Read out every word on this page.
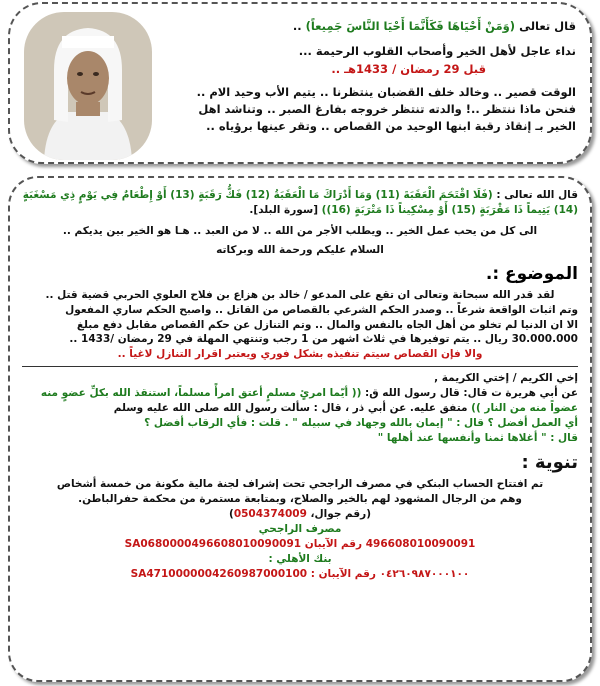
قال تعالى (وَمَنْ أَحْيَاهَا فَكَأَنَّمَا أَحْيَا النَّاسَ جَمِيعاً) ..

نداء عاجل لأهل الخير وأصحاب القلوب الرحيمة ...

قبل 29 رمضان / 1433هـ ..

الوقت قصير .. وخالد خلف القضبان ينتظرنا .. يتيم الأب وحيد الام ..

فنحن ماذا ننتظر ..! والدته تنتظر خروجه بفارغ الصبر .. وتناشد اهل

الخير بـ إنقاذ رقبة ابنها الوحيد من القصاص .. وتقر عينها برؤياه ..

قال الله تعالى : (فَلَا اقْتَحَمَ الْعَقَبَةَ (11) وَمَا أَدْرَاكَ مَا الْعَقَبَةُ (12) فَكُّ رَقَبَةٍ (13) أَوْ إِطْعَامٌ فِي يَوْمٍ ذِي مَسْغَبَةٍ (14) يَتِيماً ذَا مَقْرَبَةٍ (15) أَوْ مِسْكِيناً ذَا مَتْرَبَةٍ (16)) [سورة البلد].

الى كل من يحب عمل الخير .. ويطلب الأجر من الله .. لا من العبد .. هـا هو الخير بين يديكم ..

السلام عليكم ورحمة الله وبركاته

الموضوع :.

لقد قدر الله سبحانة وتعالى ان تقع على المدعو / خالد بن هزاع بن فلاح العلوي الحربي قضية قتل ..

وتم اثبات الواقعة شرعاً .. وصدر الحكم الشرعي بالقصاص من القاتل .. واصبح الحكم ساري المفعول

الا ان الدنيا لم تخلو من أهل الجاه بالنفس والمال .. وتم التنازل عن حكم القصاص مقابل دفع مبلغ

30.000.000 ريال .. يتم توفيرها في ثلاث اشهر من 1 رجب وتنتهي المهلة في 29 رمضان /1433 ..

والا فإن القصاص سيتم تنفيذه بشكل فوري ويعتبر اقرار التنازل لاغياً ..

إخي الكريم / إختي الكريمة ,

عن أبي هريرة ت قال: قال رسول الله ق: (( أيّما امرئٍ مسلمٍ أعتق امرأً مسلماً، استنقذ الله بكلِّ عضوٍ منه عضواً منه من النار )) متفق عليه. عن أبي ذر ، قال : سألت رسول الله صلى الله عليه وسلم

أي العمل أفضل ؟ قال : " إيمان بالله وجهاد في سبيله " . قلت : فأي الرقاب أفضل ؟

قال : " أغلاها ثمنا وأنفسها عند أهلها "

تنوية :

تم افتتاح الحساب البنكي في مصرف الراجحي تحت إشراف لجنة مالية مكونة من خمسة أشخاص

وهم من الرجال المشهود لهم بالخير والصلاح، وبمتابعة مستمرة من محكمة حفرالباطن.

(رقم جوال، 0504374009)

مصرف الراجحي

496608010090091 رقم الآيبان SA0680000496608010090091

بنك الأهلي :

٠٤٢٦٠٩٨٧٠٠٠١٠٠ رقم الآيبان : SA4710000004260987000100
